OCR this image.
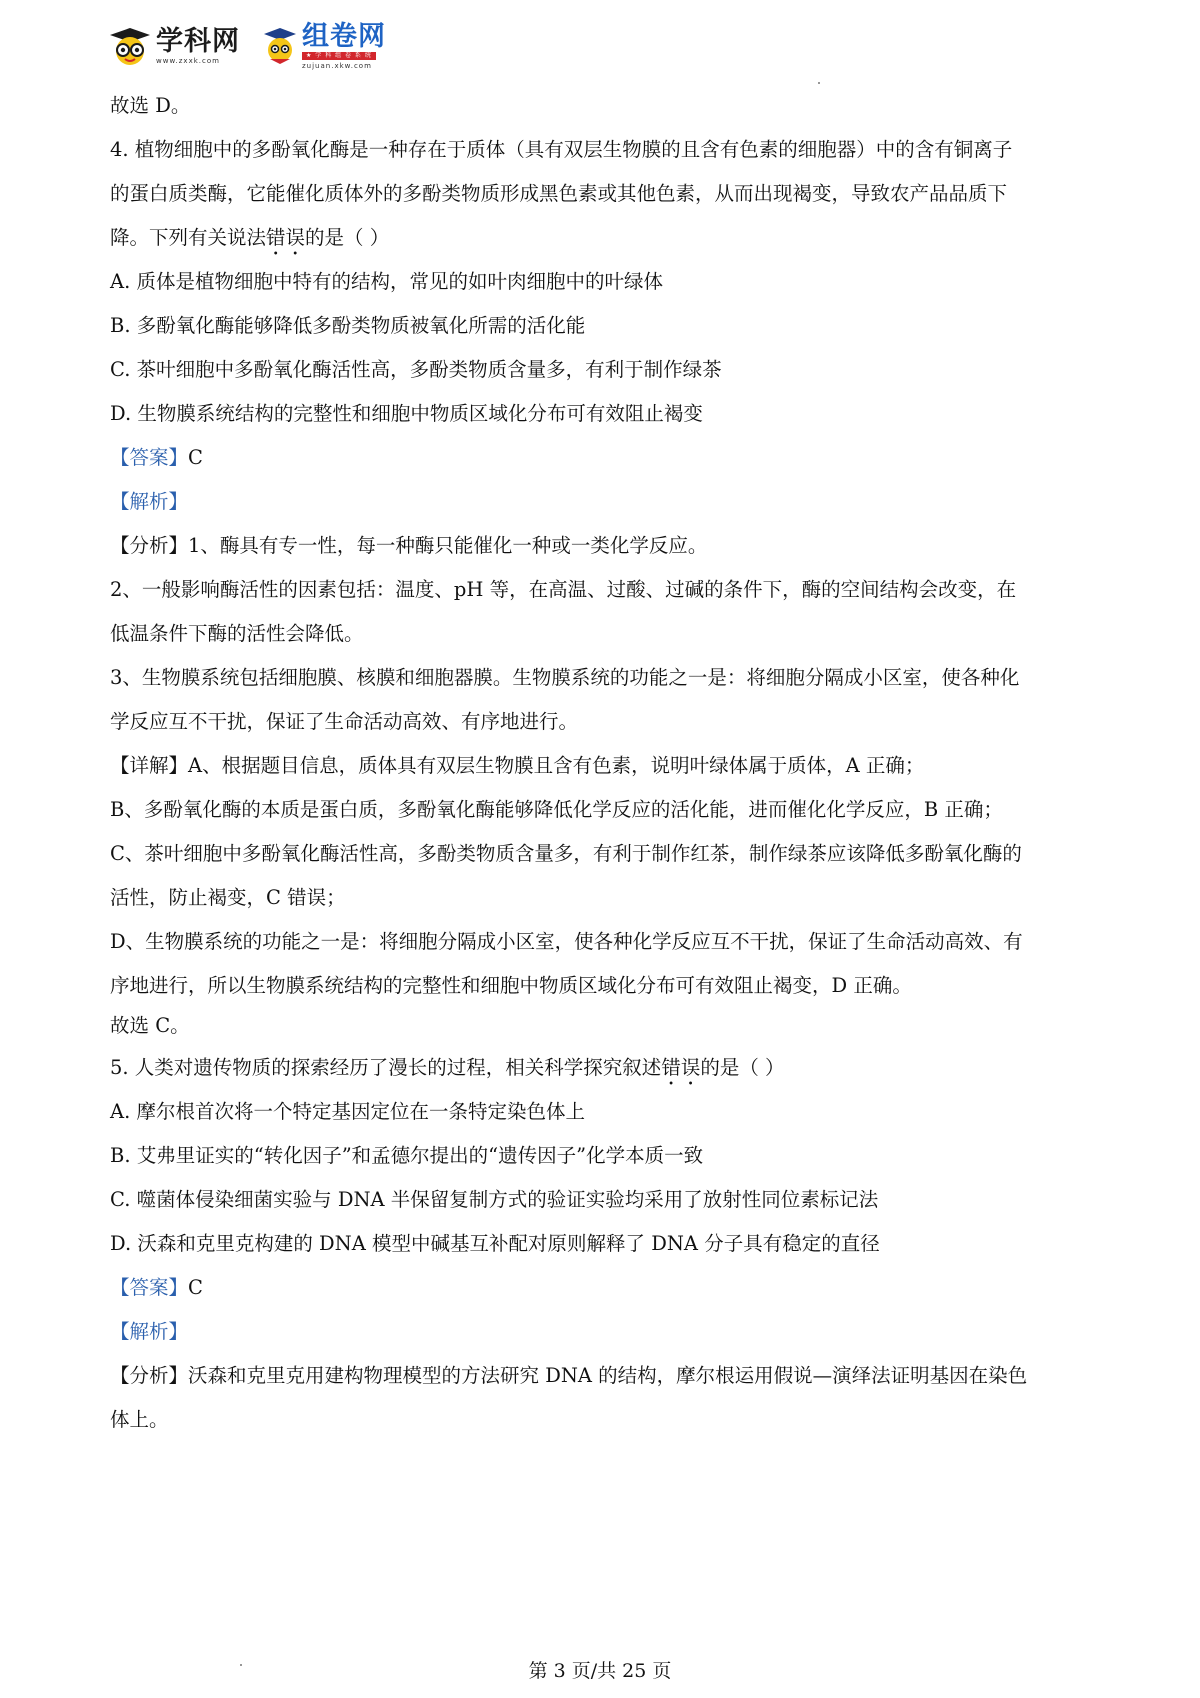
学科网
www.zxxk.com
组卷网
★ 学 科 组 卷 系 统
zujuan.xkw.com
故选 D。
4. 植物细胞中的多酚氧化酶是一种存在于质体（具有双层生物膜的且含有色素的细胞器）中的含有铜离子
的蛋白质类酶，它能催化质体外的多酚类物质形成黑色素或其他色素，从而出现褐变，导致农产品品质下
降。下列有关说法错误的是（ ）
A. 质体是植物细胞中特有的结构，常见的如叶肉细胞中的叶绿体
B. 多酚氧化酶能够降低多酚类物质被氧化所需的活化能
C. 茶叶细胞中多酚氧化酶活性高，多酚类物质含量多，有利于制作绿茶
D. 生物膜系统结构的完整性和细胞中物质区域化分布可有效阻止褐变
【答案】C
【解析】
【分析】1、酶具有专一性，每一种酶只能催化一种或一类化学反应。
2、一般影响酶活性的因素包括：温度、pH 等，在高温、过酸、过碱的条件下，酶的空间结构会改变，在
低温条件下酶的活性会降低。
3、生物膜系统包括细胞膜、核膜和细胞器膜。生物膜系统的功能之一是：将细胞分隔成小区室，使各种化
学反应互不干扰，保证了生命活动高效、有序地进行。
【详解】A、根据题目信息，质体具有双层生物膜且含有色素，说明叶绿体属于质体，A 正确；
B、多酚氧化酶的本质是蛋白质，多酚氧化酶能够降低化学反应的活化能，进而催化化学反应，B 正确；
C、茶叶细胞中多酚氧化酶活性高，多酚类物质含量多，有利于制作红茶，制作绿茶应该降低多酚氧化酶的
活性，防止褐变，C 错误；
D、生物膜系统的功能之一是：将细胞分隔成小区室，使各种化学反应互不干扰，保证了生命活动高效、有
序地进行，所以生物膜系统结构的完整性和细胞中物质区域化分布可有效阻止褐变，D 正确。
故选 C。
5. 人类对遗传物质的探索经历了漫长的过程，相关科学探究叙述错误的是（ ）
A. 摩尔根首次将一个特定基因定位在一条特定染色体上
B. 艾弗里证实的“转化因子”和孟德尔提出的“遗传因子”化学本质一致
C. 噬菌体侵染细菌实验与 DNA 半保留复制方式的验证实验均采用了放射性同位素标记法
D. 沃森和克里克构建的 DNA 模型中碱基互补配对原则解释了 DNA 分子具有稳定的直径
【答案】C
【解析】
【分析】沃森和克里克用建构物理模型的方法研究 DNA 的结构，摩尔根运用假说—演绎法证明基因在染色
体上。
第 3 页/共 25 页
